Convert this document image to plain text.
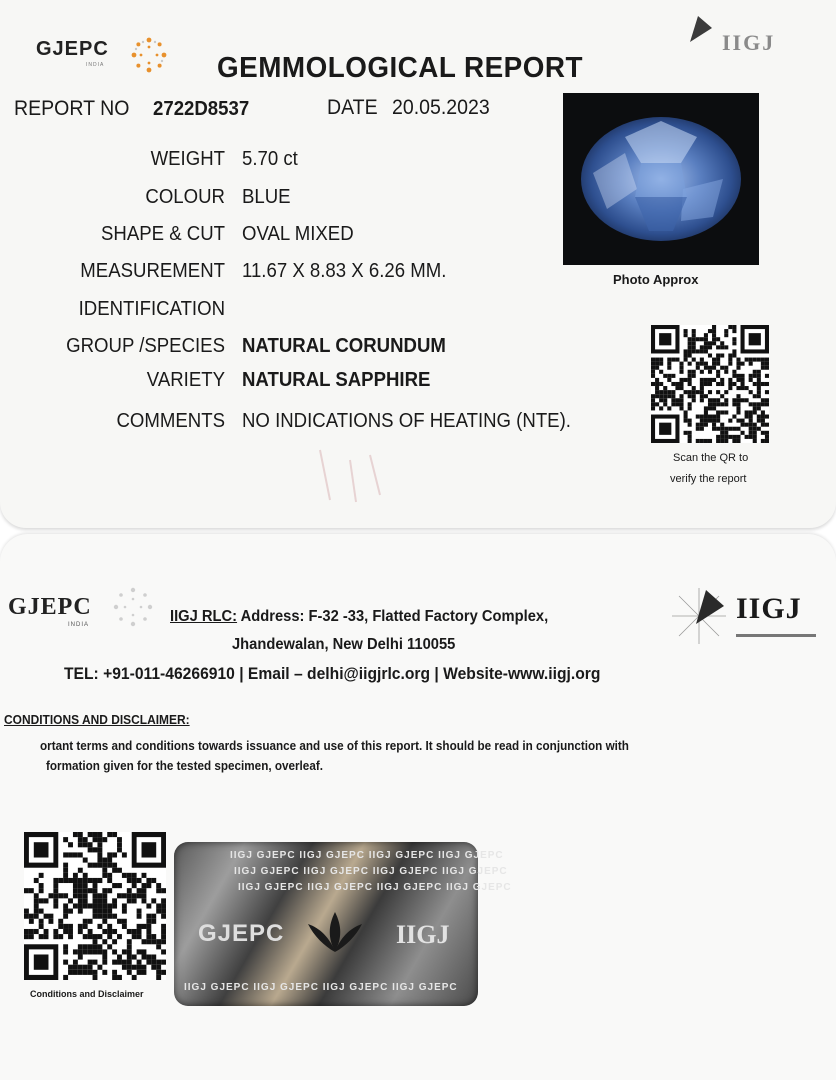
GJEPC
INDIA
IIGJ
GEMMOLOGICAL REPORT
REPORT NO 2722D8537	DATE 20.05.2023
WEIGHT 5.70 ct
COLOUR BLUE
SHAPE & CUT OVAL MIXED
MEASUREMENT 11.67 X 8.83 X 6.26 MM.
IDENTIFICATION
GROUP /SPECIES NATURAL CORUNDUM
VARIETY NATURAL SAPPHIRE
COMMENTS NO INDICATIONS OF HEATING (NTE).
Photo Approx
Scan the QR to
verify the report
GJEPC
INDIA	IIGJ
IIGJ RLC: Address: F-32 -33, Flatted Factory Complex,
Jhandewalan, New Delhi 110055
TEL: +91-011-46266910 | Email – delhi@iigjrlc.org | Website-www.iigj.org
CONDITIONS AND DISCLAIMER:
ortant terms and conditions towards issuance and use of this report. It should be read in conjunction with
formation given for the tested specimen, overleaf.
Conditions and Disclaimer
IIGJ GJEPC IIGJ GJEPC IIGJ GJEPC IIGJ GJEPC
IIGJ GJEPC IIGJ GJEPC IIGJ GJEPC IIGJ GJEPC
IIGJ GJEPC IIGJ GJEPC IIGJ GJEPC IIGJ GJEPC
GJEPC	IIGJ
IIGJ GJEPC IIGJ GJEPC IIGJ GJEPC IIGJ GJEPC
